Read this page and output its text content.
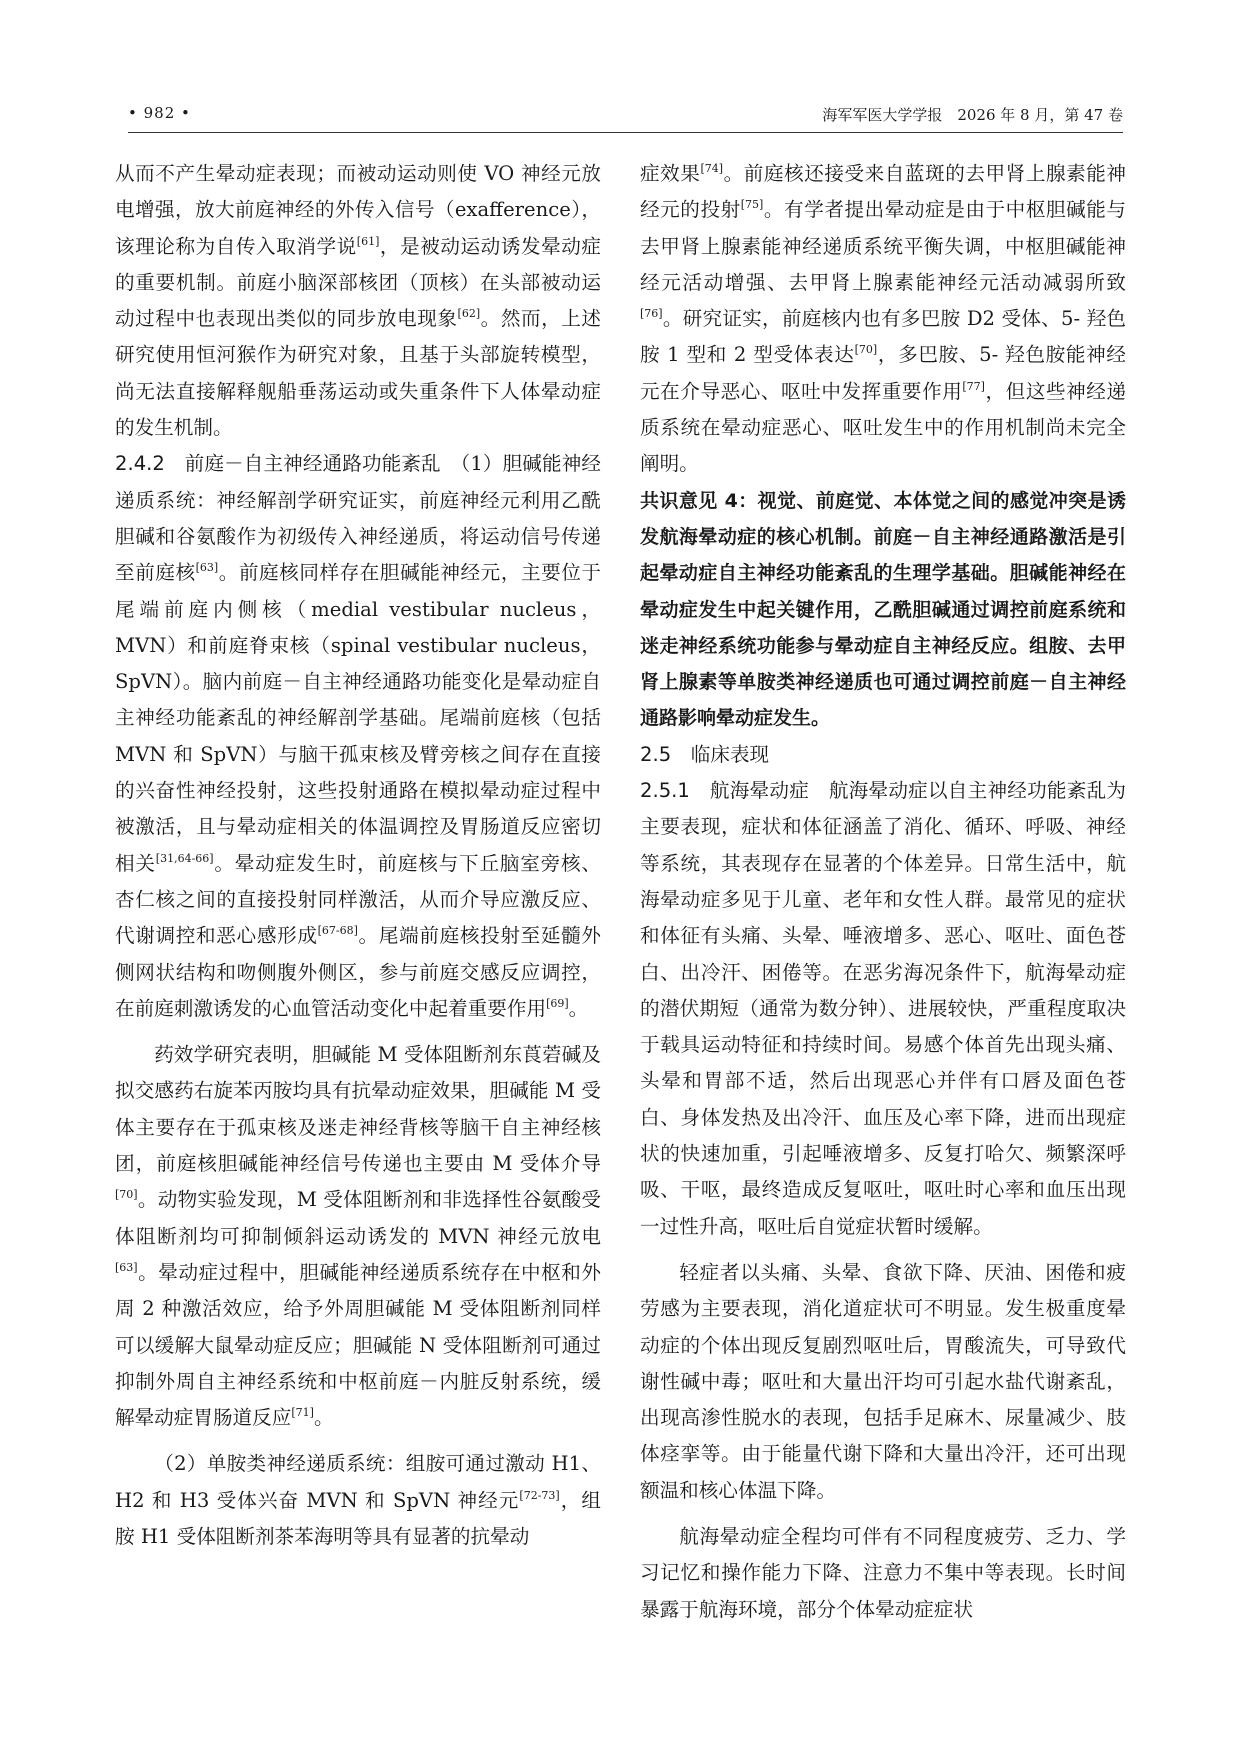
• 982 •	海军军医大学学报　2026 年 8 月，第 47 卷

从而不产生晕动症表现；而被动运动则使 VO 神经元放电增强，放大前庭神经的外传入信号（exafference），该理论称为自传入取消学说[61]，是被动运动诱发晕动症的重要机制。前庭小脑深部核团（顶核）在头部被动运动过程中也表现出类似的同步放电现象[62]。然而，上述研究使用恒河猴作为研究对象，且基于头部旋转模型，尚无法直接解释舰船垂荡运动或失重条件下人体晕动症的发生机制。

2.4.2　前庭－自主神经通路功能紊乱　（1）胆碱能神经递质系统：神经解剖学研究证实，前庭神经元利用乙酰胆碱和谷氨酸作为初级传入神经递质，将运动信号传递至前庭核[63]。前庭核同样存在胆碱能神经元，主要位于尾端前庭内侧核（medial vestibular nucleus，MVN）和前庭脊束核（spinal vestibular nucleus，SpVN）。脑内前庭－自主神经通路功能变化是晕动症自主神经功能紊乱的神经解剖学基础。尾端前庭核（包括 MVN 和 SpVN）与脑干孤束核及臂旁核之间存在直接的兴奋性神经投射，这些投射通路在模拟晕动症过程中被激活，且与晕动症相关的体温调控及胃肠道反应密切相关[31,64-66]。晕动症发生时，前庭核与下丘脑室旁核、杏仁核之间的直接投射同样激活，从而介导应激反应、代谢调控和恶心感形成[67-68]。尾端前庭核投射至延髓外侧网状结构和吻侧腹外侧区，参与前庭交感反应调控，在前庭刺激诱发的心血管活动变化中起着重要作用[69]。

药效学研究表明，胆碱能 M 受体阻断剂东莨菪碱及拟交感药右旋苯丙胺均具有抗晕动症效果，胆碱能 M 受体主要存在于孤束核及迷走神经背核等脑干自主神经核团，前庭核胆碱能神经信号传递也主要由 M 受体介导[70]。动物实验发现，M 受体阻断剂和非选择性谷氨酸受体阻断剂均可抑制倾斜运动诱发的 MVN 神经元放电[63]。晕动症过程中，胆碱能神经递质系统存在中枢和外周 2 种激活效应，给予外周胆碱能 M 受体阻断剂同样可以缓解大鼠晕动症反应；胆碱能 N 受体阻断剂可通过抑制外周自主神经系统和中枢前庭－内脏反射系统，缓解晕动症胃肠道反应[71]。

（2）单胺类神经递质系统：组胺可通过激动 H1、H2 和 H3 受体兴奋 MVN 和 SpVN 神经元[72-73]，组胺 H1 受体阻断剂茶苯海明等具有显著的抗晕动

症效果[74]。前庭核还接受来自蓝斑的去甲肾上腺素能神经元的投射[75]。有学者提出晕动症是由于中枢胆碱能与去甲肾上腺素能神经递质系统平衡失调，中枢胆碱能神经元活动增强、去甲肾上腺素能神经元活动减弱所致[76]。研究证实，前庭核内也有多巴胺 D2 受体、5- 羟色胺 1 型和 2 型受体表达[70]，多巴胺、5- 羟色胺能神经元在介导恶心、呕吐中发挥重要作用[77]，但这些神经递质系统在晕动症恶心、呕吐发生中的作用机制尚未完全阐明。

共识意见 4：视觉、前庭觉、本体觉之间的感觉冲突是诱发航海晕动症的核心机制。前庭－自主神经通路激活是引起晕动症自主神经功能紊乱的生理学基础。胆碱能神经在晕动症发生中起关键作用，乙酰胆碱通过调控前庭系统和迷走神经系统功能参与晕动症自主神经反应。组胺、去甲肾上腺素等单胺类神经递质也可通过调控前庭－自主神经通路影响晕动症发生。

2.5　临床表现

2.5.1　航海晕动症　航海晕动症以自主神经功能紊乱为主要表现，症状和体征涵盖了消化、循环、呼吸、神经等系统，其表现存在显著的个体差异。日常生活中，航海晕动症多见于儿童、老年和女性人群。最常见的症状和体征有头痛、头晕、唾液增多、恶心、呕吐、面色苍白、出冷汗、困倦等。在恶劣海况条件下，航海晕动症的潜伏期短（通常为数分钟）、进展较快，严重程度取决于载具运动特征和持续时间。易感个体首先出现头痛、头晕和胃部不适，然后出现恶心并伴有口唇及面色苍白、身体发热及出冷汗、血压及心率下降，进而出现症状的快速加重，引起唾液增多、反复打哈欠、频繁深呼吸、干呕，最终造成反复呕吐，呕吐时心率和血压出现一过性升高，呕吐后自觉症状暂时缓解。

轻症者以头痛、头晕、食欲下降、厌油、困倦和疲劳感为主要表现，消化道症状可不明显。发生极重度晕动症的个体出现反复剧烈呕吐后，胃酸流失，可导致代谢性碱中毒；呕吐和大量出汗均可引起水盐代谢紊乱，出现高渗性脱水的表现，包括手足麻木、尿量减少、肢体痉挛等。由于能量代谢下降和大量出冷汗，还可出现额温和核心体温下降。

航海晕动症全程均可伴有不同程度疲劳、乏力、学习记忆和操作能力下降、注意力不集中等表现。长时间暴露于航海环境，部分个体晕动症症状
